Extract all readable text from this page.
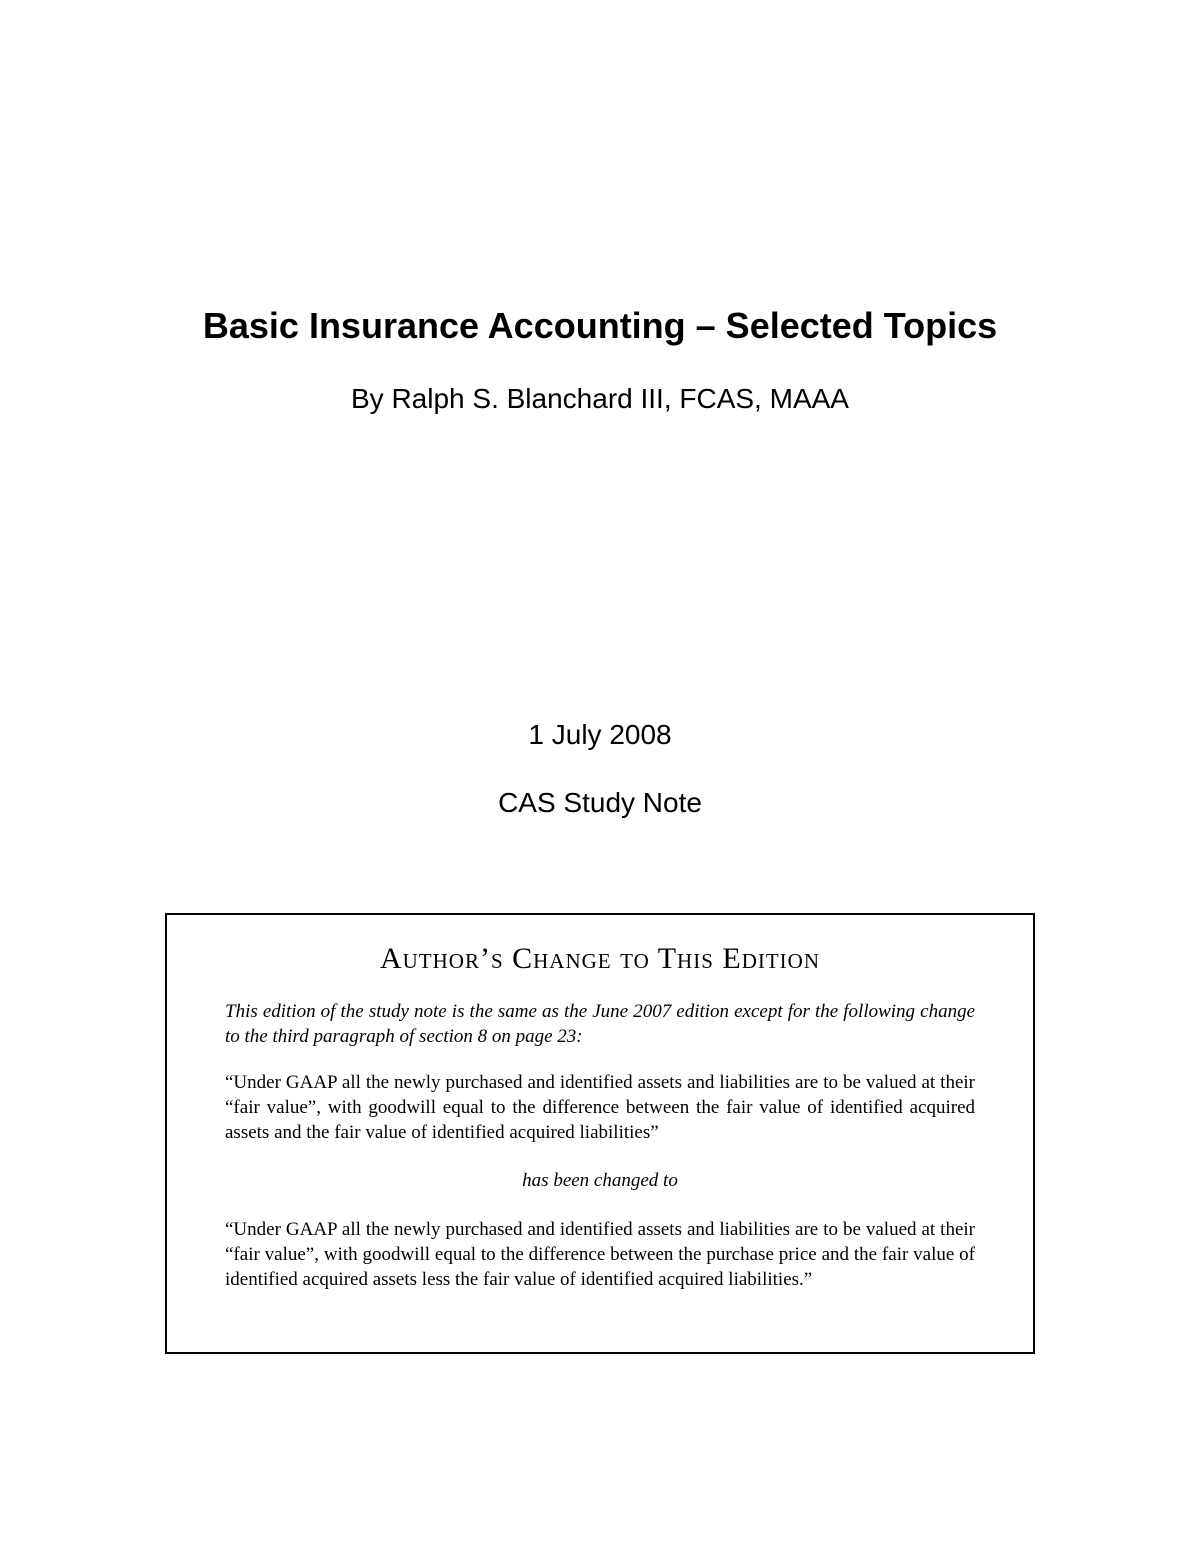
Basic Insurance Accounting – Selected Topics
By Ralph S. Blanchard III, FCAS, MAAA
1 July 2008
CAS Study Note
Author’s Change to This Edition

This edition of the study note is the same as the June 2007 edition except for the following change to the third paragraph of section 8 on page 23:

“Under GAAP all the newly purchased and identified assets and liabilities are to be valued at their “fair value”, with goodwill equal to the difference between the fair value of identified acquired assets and the fair value of identified acquired liabilities”

has been changed to

“Under GAAP all the newly purchased and identified assets and liabilities are to be valued at their “fair value”, with goodwill equal to the difference between the purchase price and the fair value of identified acquired assets less the fair value of identified acquired liabilities.”
